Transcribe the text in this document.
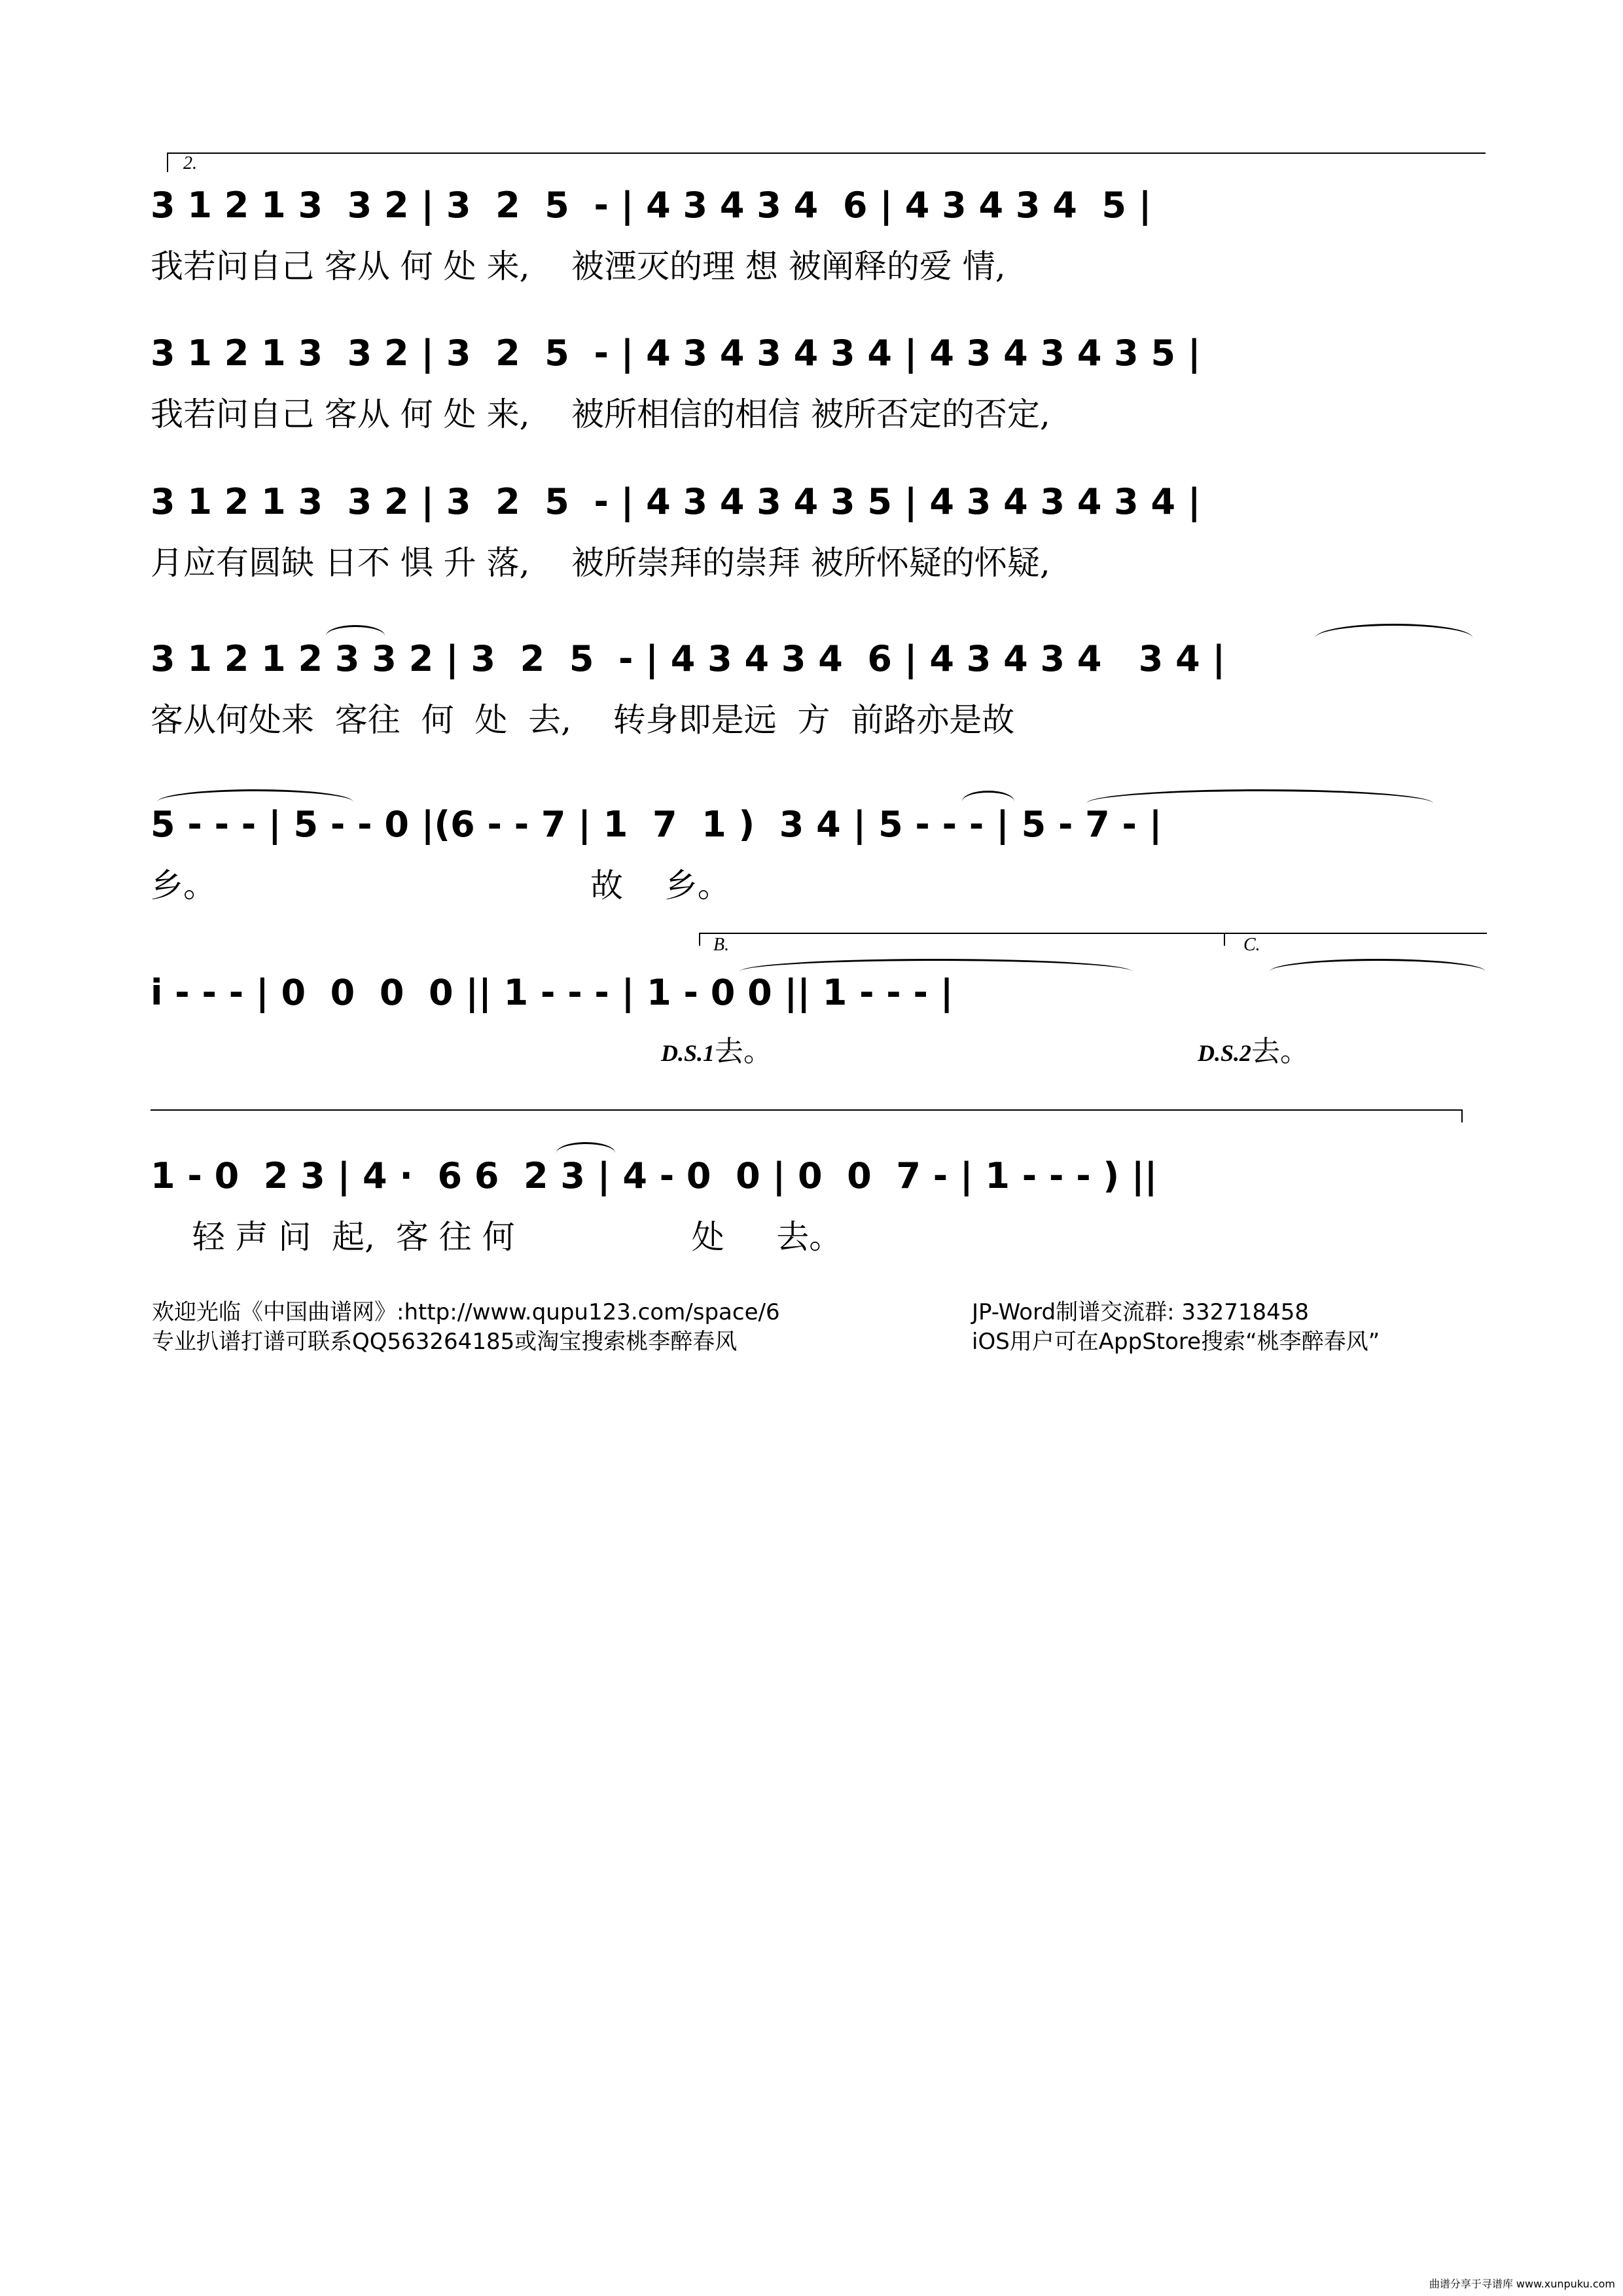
2.
3 1 2 1 3  3 2 | 3  2  5  - | 4 3 4 3 4  6 | 4 3 4 3 4  5 |
我若问自己 客从 何 处 来,    被湮灭的理 想 被阐释的爱 情,
3 1 2 1 3  3 2 | 3  2  5  - | 4 3 4 3 4 3 4 | 4 3 4 3 4 3 5 |
我若问自己 客从 何 处 来,    被所相信的相信 被所否定的否定,
3 1 2 1 3  3 2 | 3  2  5  - | 4 3 4 3 4 3 5 | 4 3 4 3 4 3 4 |
月应有圆缺 日不 惧 升 落,    被所崇拜的崇拜 被所怀疑的怀疑,
3 1 2 1 2 3 3 2 | 3  2  5  - | 4 3 4 3 4  6 | 4 3 4 3 4   3 4 |
客从何处来  客往  何  处  去,    转身即是远  方  前路亦是故
5 - - - | 5 - - 0 |(6 - - 7 | 1  7  1 )  3 4 | 5 - - - | 5 - 7 - |
乡。                                    故    乡。
B.	C.
i - - - | 0  0  0  0 || 1 - - - | 1 - 0 0 || 1 - - - |
D.S.1去。	D.S.2去。
1 - 0  2 3 | 4 ·  6 6  2 3 | 4 - 0  0 | 0  0  7 - | 1 - - - ) ||
轻 声 问  起,  客 往 何                 处     去。
欢迎光临《中国曲谱网》:http://www.qupu123.com/space/6
专业扒谱打谱可联系QQ563264185或淘宝搜索桃李醉春风
JP-Word制谱交流群: 332718458
iOS用户可在AppStore搜索“桃李醉春风”
曲谱分享于寻谱库 www.xunpuku.com
